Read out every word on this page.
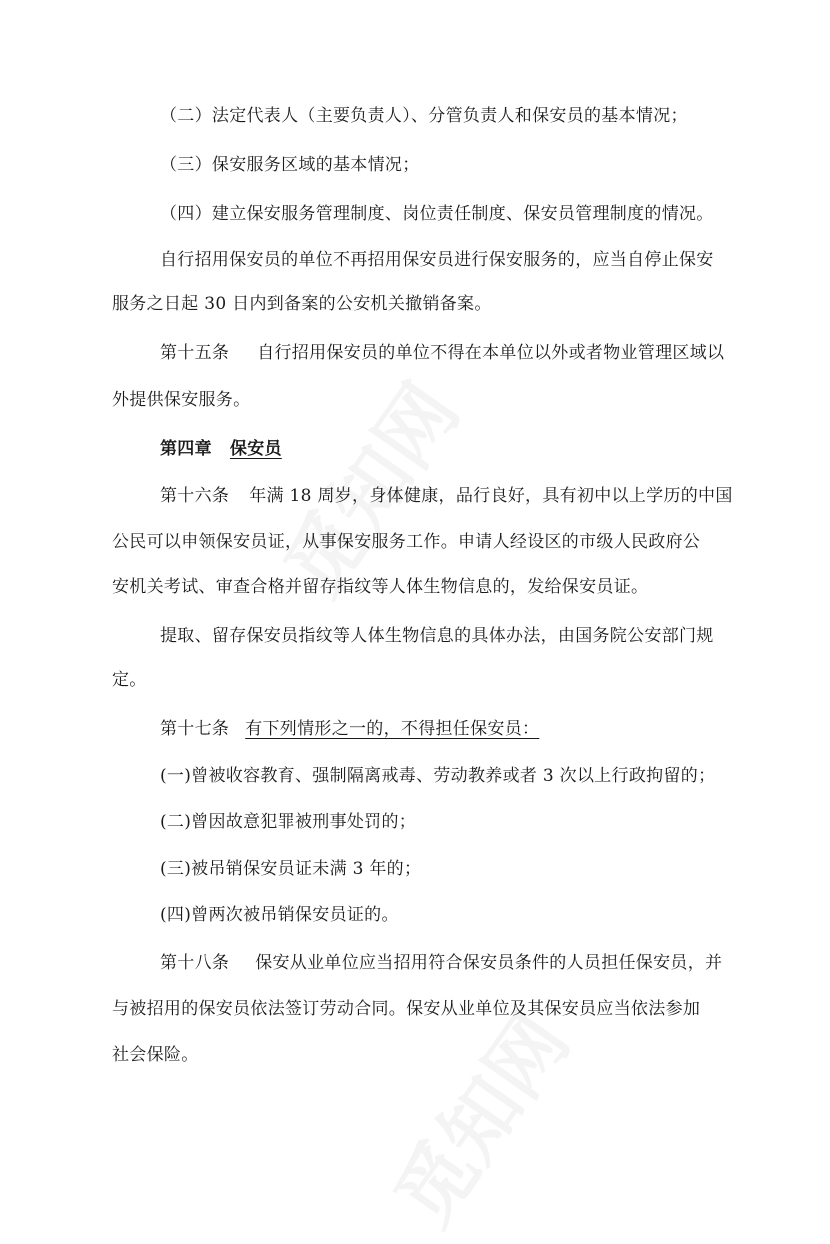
（二）法定代表人（主要负责人）、分管负责人和保安员的基本情况；
（三）保安服务区域的基本情况；
（四）建立保安服务管理制度、岗位责任制度、保安员管理制度的情况。
自行招用保安员的单位不再招用保安员进行保安服务的，应当自停止保安
服务之日起 30 日内到备案的公安机关撤销备案。
第十五条 自行招用保安员的单位不得在本单位以外或者物业管理区域以
外提供保安服务。
第四章 保安员
第十六条 年满 18 周岁，身体健康，品行良好，具有初中以上学历的中国
公民可以申领保安员证，从事保安服务工作。申请人经设区的市级人民政府公
安机关考试、审查合格并留存指纹等人体生物信息的，发给保安员证。
提取、留存保安员指纹等人体生物信息的具体办法，由国务院公安部门规
定。
第十七条 有下列情形之一的，不得担任保安员：
(一)曾被收容教育、强制隔离戒毒、劳动教养或者 3 次以上行政拘留的；
(二)曾因故意犯罪被刑事处罚的；
(三)被吊销保安员证未满 3 年的；
(四)曾两次被吊销保安员证的。
第十八条 保安从业单位应当招用符合保安员条件的人员担任保安员，并
与被招用的保安员依法签订劳动合同。保安从业单位及其保安员应当依法参加
社会保险。
